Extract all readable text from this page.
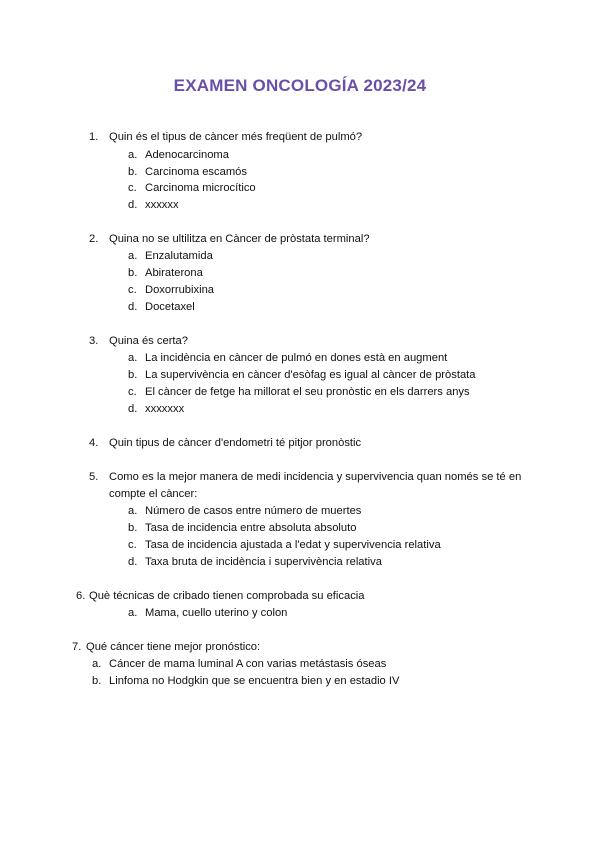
EXAMEN ONCOLOGÍA 2023/24
1. Quin és el tipus de càncer més freqüent de pulmó?
a. Adenocarcinoma
b. Carcinoma escamós
c. Carcinoma microcítico
d. xxxxxx
2. Quina no se ultilitza en Càncer de pròstata terminal?
a. Enzalutamida
b. Abiraterona
c. Doxorrubixina
d. Docetaxel
3. Quina és certa?
a. La incidència en càncer de pulmó en dones està en augment
b. La supervivència en càncer d'esòfag es igual al càncer de pròstata
c. El càncer de fetge ha millorat el seu pronòstic en els darrers anys
d. xxxxxxx
4. Quin tipus de càncer d'endometri té pitjor pronòstic
5. Como es la mejor manera de medi incidencia y supervivencia quan només se té en
compte el càncer:
a. Número de casos entre número de muertes
b. Tasa de incidencia entre absoluta absoluto
c. Tasa de incidencia ajustada a l'edat y supervivencia relativa
d. Taxa bruta de incidència i supervivència relativa
6. Què técnicas de cribado tienen comprobada su eficacia
a. Mama, cuello uterino y colon
7. Qué cáncer tiene mejor pronóstico:
a. Cáncer de mama luminal A con varias metástasis óseas
b. Linfoma no Hodgkin que se encuentra bien y en estadio IV
